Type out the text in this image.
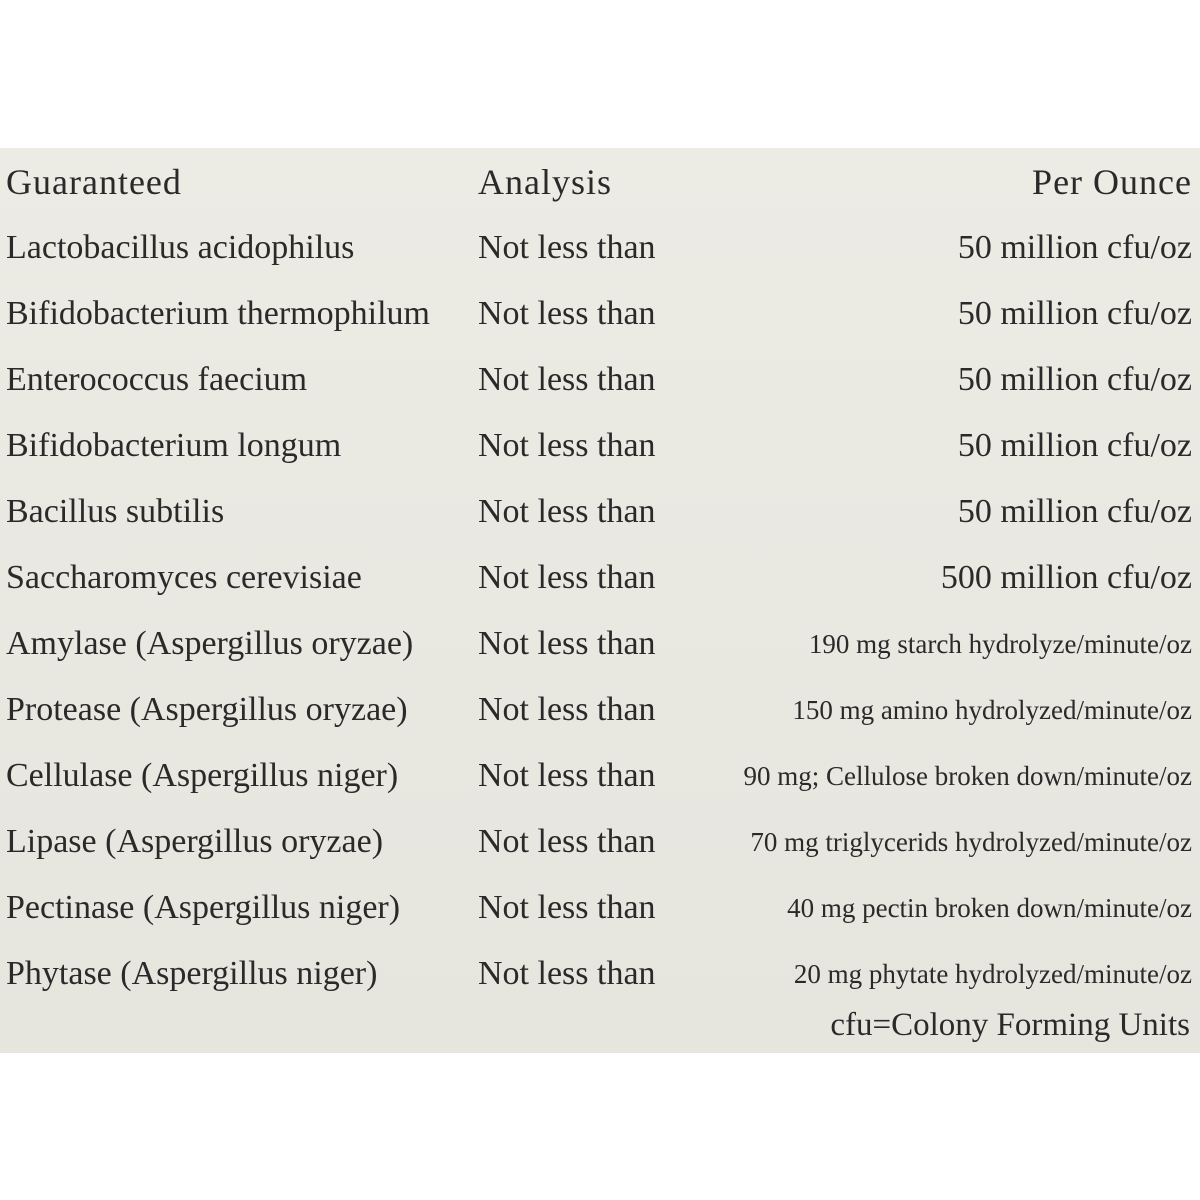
Guaranteed	Analysis	Per Ounce
Lactobacillus acidophilus	Not less than	50 million cfu/oz
Bifidobacterium thermophilum Not less than	50 million cfu/oz
Enterococcus faecium	Not less than	50 million cfu/oz
Bifidobacterium longum	Not less than	50 million cfu/oz
Bacillus subtilis	Not less than	50 million cfu/oz
Saccharomyces cerevisiae	Not less than	500 million cfu/oz
Amylase (Aspergillus oryzae) Not less than	190 mg starch hydrolyze/minute/oz
Protease (Aspergillus oryzae) Not less than	150 mg amino hydrolyzed/minute/oz
Cellulase (Aspergillus niger) Not less than	90 mg; Cellulose broken down/minute/oz
Lipase (Aspergillus oryzae)	Not less than	70 mg triglycerids hydrolyzed/minute/oz
Pectinase (Aspergillus niger) Not less than	40 mg pectin broken down/minute/oz
Phytase (Aspergillus niger)	Not less than	20 mg phytate hydrolyzed/minute/oz
cfu=Colony Forming Units
